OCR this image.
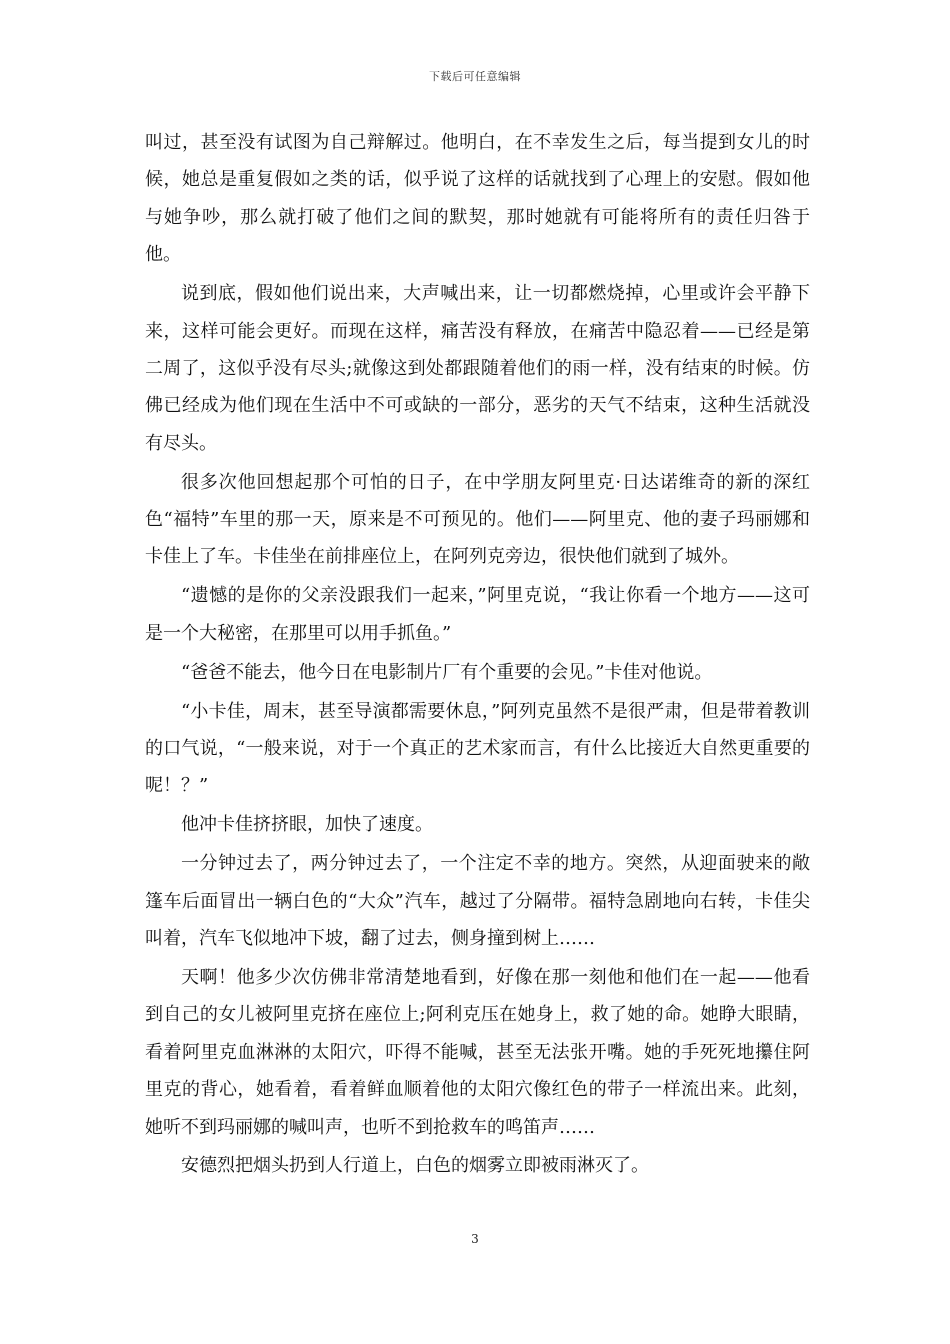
下载后可任意编辑

叫过，甚至没有试图为自己辩解过。他明白，在不幸发生之后，每当提到女儿的时候，她总是重复假如之类的话，似乎说了这样的话就找到了心理上的安慰。假如他与她争吵，那么就打破了他们之间的默契，那时她就有可能将所有的责任归咎于他。

说到底，假如他们说出来，大声喊出来，让一切都燃烧掉，心里或许会平静下来，这样可能会更好。而现在这样，痛苦没有释放，在痛苦中隐忍着——已经是第二周了，这似乎没有尽头;就像这到处都跟随着他们的雨一样，没有结束的时候。仿佛已经成为他们现在生活中不可或缺的一部分，恶劣的天气不结束，这种生活就没有尽头。

很多次他回想起那个可怕的日子，在中学朋友阿里克·日达诺维奇的新的深红色“福特”车里的那一天，原来是不可预见的。他们——阿里克、他的妻子玛丽娜和卡佳上了车。卡佳坐在前排座位上，在阿列克旁边，很快他们就到了城外。

“遗憾的是你的父亲没跟我们一起来，”阿里克说，“我让你看一个地方——这可是一个大秘密，在那里可以用手抓鱼。”

“爸爸不能去，他今日在电影制片厂有个重要的会见。”卡佳对他说。

“小卡佳，周末，甚至导演都需要休息，”阿列克虽然不是很严肃，但是带着教训的口气说，“一般来说，对于一个真正的艺术家而言，有什么比接近大自然更重要的呢！？”

他冲卡佳挤挤眼，加快了速度。

一分钟过去了，两分钟过去了，一个注定不幸的地方。突然，从迎面驶来的敞篷车后面冒出一辆白色的“大众”汽车，越过了分隔带。福特急剧地向右转，卡佳尖叫着，汽车飞似地冲下坡，翻了过去，侧身撞到树上……

天啊！他多少次仿佛非常清楚地看到，好像在那一刻他和他们在一起——他看到自己的女儿被阿里克挤在座位上;阿利克压在她身上，救了她的命。她睁大眼睛，看着阿里克血淋淋的太阳穴，吓得不能喊，甚至无法张开嘴。她的手死死地攥住阿里克的背心，她看着，看着鲜血顺着他的太阳穴像红色的带子一样流出来。此刻，她听不到玛丽娜的喊叫声，也听不到抢救车的鸣笛声……

安德烈把烟头扔到人行道上，白色的烟雾立即被雨淋灭了。

3
